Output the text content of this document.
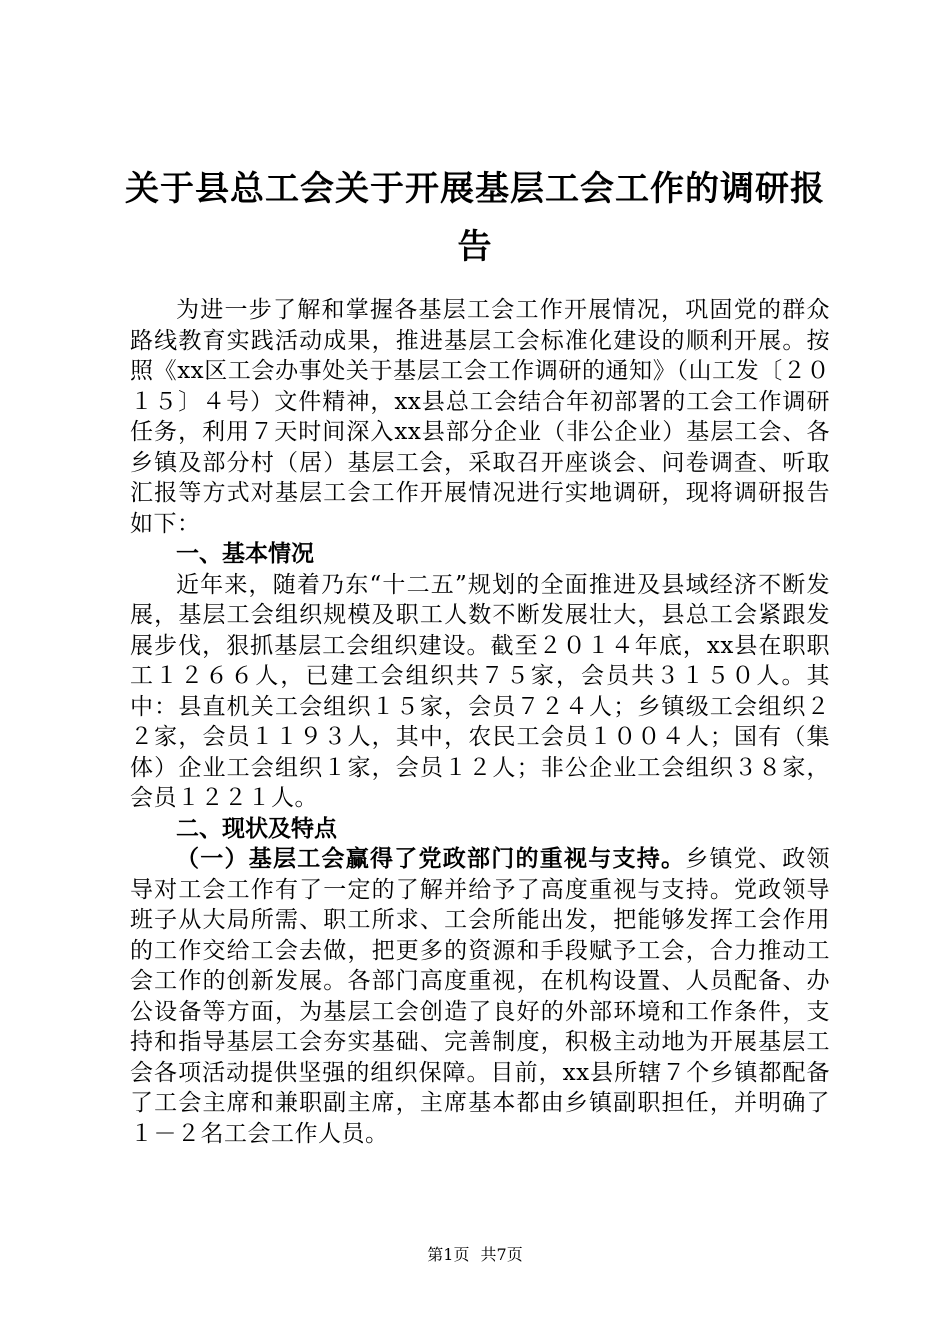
关于县总工会关于开展基层工会工作的调研报告

为进一步了解和掌握各基层工会工作开展情况，巩固党的群众路线教育实践活动成果，推进基层工会标准化建设的顺利开展。按照《xx区工会办事处关于基层工会工作调研的通知》（山工发〔２０１５〕４号）文件精神，xx县总工会结合年初部署的工会工作调研任务，利用７天时间深入xx县部分企业（非公企业）基层工会、各乡镇及部分村（居）基层工会，采取召开座谈会、问卷调查、听取汇报等方式对基层工会工作开展情况进行实地调研，现将调研报告如下：

一、基本情况

近年来，随着乃东“十二五”规划的全面推进及县域经济不断发展，基层工会组织规模及职工人数不断发展壮大，县总工会紧跟发展步伐，狠抓基层工会组织建设。截至２０１４年底，xx县在职职工１２６６人，已建工会组织共７５家，会员共３１５０人。其中：县直机关工会组织１５家，会员７２４人；乡镇级工会组织２２家，会员１１９３人，其中，农民工会员１００４人；国有（集体）企业工会组织１家，会员１２人；非公企业工会组织３８家，会员１２２１人。

二、现状及特点

（一）基层工会赢得了党政部门的重视与支持。乡镇党、政领导对工会工作有了一定的了解并给予了高度重视与支持。党政领导班子从大局所需、职工所求、工会所能出发，把能够发挥工会作用的工作交给工会去做，把更多的资源和手段赋予工会，合力推动工会工作的创新发展。各部门高度重视，在机构设置、人员配备、办公设备等方面，为基层工会创造了良好的外部环境和工作条件，支持和指导基层工会夯实基础、完善制度，积极主动地为开展基层工会各项活动提供坚强的组织保障。目前，xx县所辖７个乡镇都配备了工会主席和兼职副主席，主席基本都由乡镇副职担任，并明确了１－２名工会工作人员。

第1页 共7页
